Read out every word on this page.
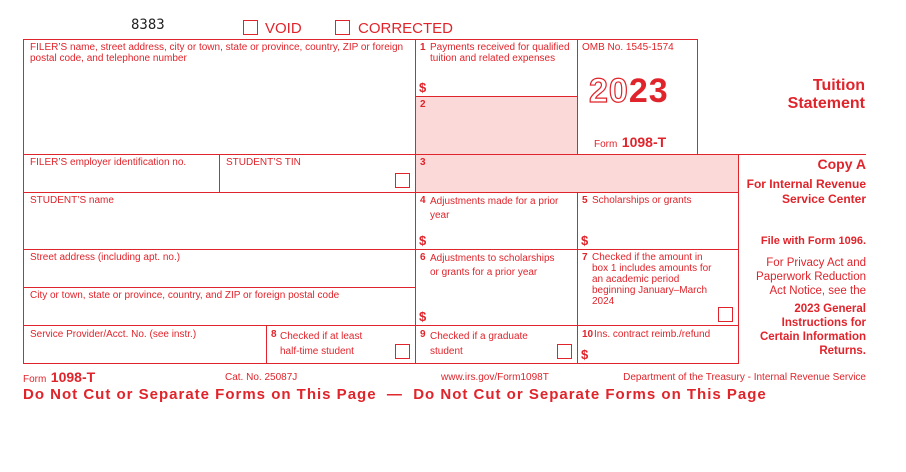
8383	VOID	CORRECTED
FILER’S name, street address, city or town, state or province, country, ZIP or foreign postal code, and telephone number
FILER’S employer identification no.	STUDENT’S TIN
STUDENT’S name
Street address (including apt. no.)
City or town, state or province, country, and ZIP or foreign postal code
Service Provider/Acct. No. (see instr.)	8 Checked if at least half-time student
1 Payments received for qualified tuition and related expenses
$
2
3
OMB No. 1545-1574
2023
Form 1098-T
4 Adjustments made for a prior year
$
5 Scholarships or grants
$
6 Adjustments to scholarships or grants for a prior year
$
7 Checked if the amount in box 1 includes amounts for an academic period beginning January–March 2024
9 Checked if a graduate student
10 Ins. contract reimb./refund
$
Tuition Statement
Copy A
For Internal Revenue Service Center
File with Form 1096.
For Privacy Act and Paperwork Reduction Act Notice, see the
2023 General Instructions for Certain Information Returns.
Form 1098-T	Cat. No. 25087J	www.irs.gov/Form1098T	Department of the Treasury - Internal Revenue Service
Do Not Cut or Separate Forms on This Page  —  Do Not Cut or Separate Forms on This Page
